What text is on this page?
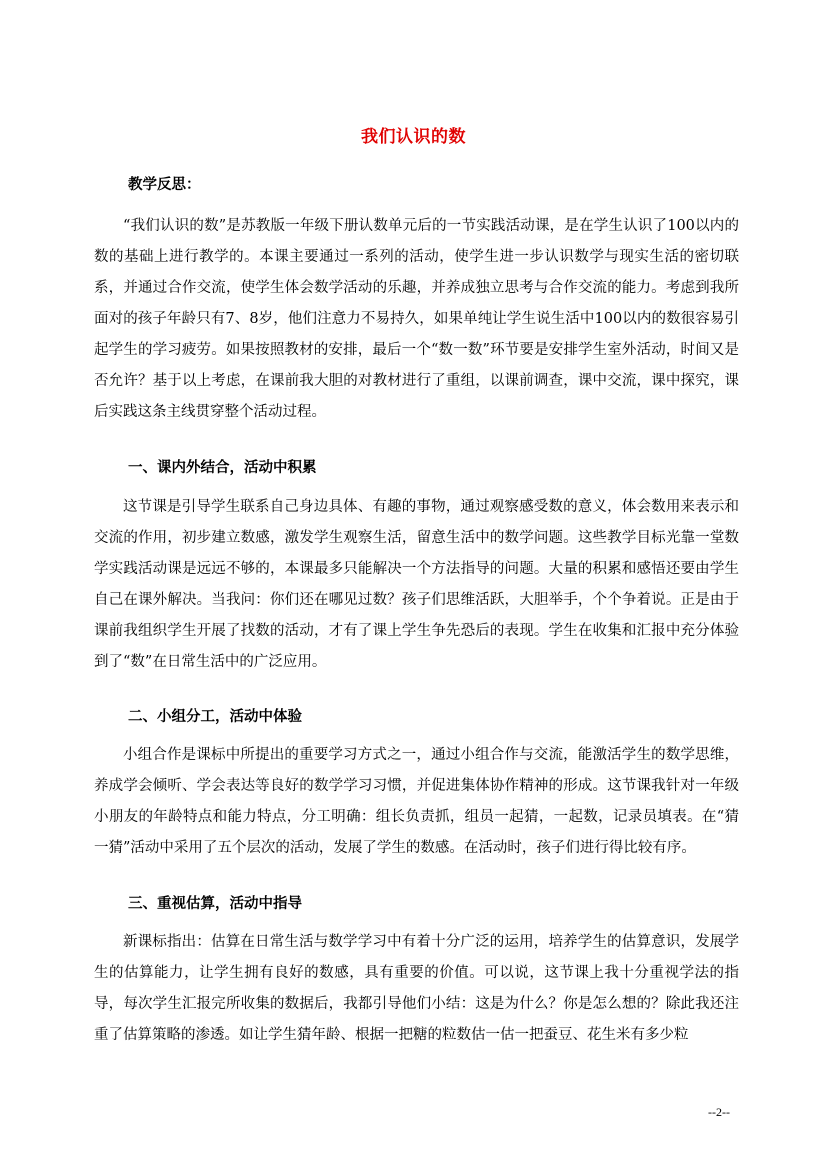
我们认识的数
教学反思：

“我们认识的数”是苏教版一年级下册认数单元后的一节实践活动课，是在学生认识了100以内的数的基础上进行教学的。本课主要通过一系列的活动，使学生进一步认识数学与现实生活的密切联系，并通过合作交流，使学生体会数学活动的乐趣，并养成独立思考与合作交流的能力。考虑到我所面对的孩子年龄只有7、8岁，他们注意力不易持久，如果单纯让学生说生活中100以内的数很容易引起学生的学习疲劳。如果按照教材的安排，最后一个“数一数”环节要是安排学生室外活动，时间又是否允许？基于以上考虑，在课前我大胆的对教材进行了重组，以课前调查，课中交流，课中探究，课后实践这条主线贯穿整个活动过程。

一、课内外结合，活动中积累

这节课是引导学生联系自己身边具体、有趣的事物，通过观察感受数的意义，体会数用来表示和交流的作用，初步建立数感，激发学生观察生活，留意生活中的数学问题。这些教学目标光靠一堂数学实践活动课是远远不够的，本课最多只能解决一个方法指导的问题。大量的积累和感悟还要由学生自己在课外解决。当我问：你们还在哪见过数？孩子们思维活跃，大胆举手，个个争着说。正是由于课前我组织学生开展了找数的活动，才有了课上学生争先恐后的表现。学生在收集和汇报中充分体验到了“数”在日常生活中的广泛应用。

二、小组分工，活动中体验

小组合作是课标中所提出的重要学习方式之一，通过小组合作与交流，能激活学生的数学思维，养成学会倾听、学会表达等良好的数学学习习惯，并促进集体协作精神的形成。这节课我针对一年级小朋友的年龄特点和能力特点，分工明确：组长负责抓，组员一起猜，一起数，记录员填表。在“猜一猜”活动中采用了五个层次的活动，发展了学生的数感。在活动时，孩子们进行得比较有序。

三、重视估算，活动中指导

新课标指出：估算在日常生活与数学学习中有着十分广泛的运用，培养学生的估算意识，发展学生的估算能力，让学生拥有良好的数感，具有重要的价值。可以说，这节课上我十分重视学法的指导，每次学生汇报完所收集的数据后，我都引导他们小结：这是为什么？你是怎么想的？除此我还注重了估算策略的渗透。如让学生猜年龄、根据一把糖的粒数估一估一把蚕豆、花生米有多少粒

--2--
